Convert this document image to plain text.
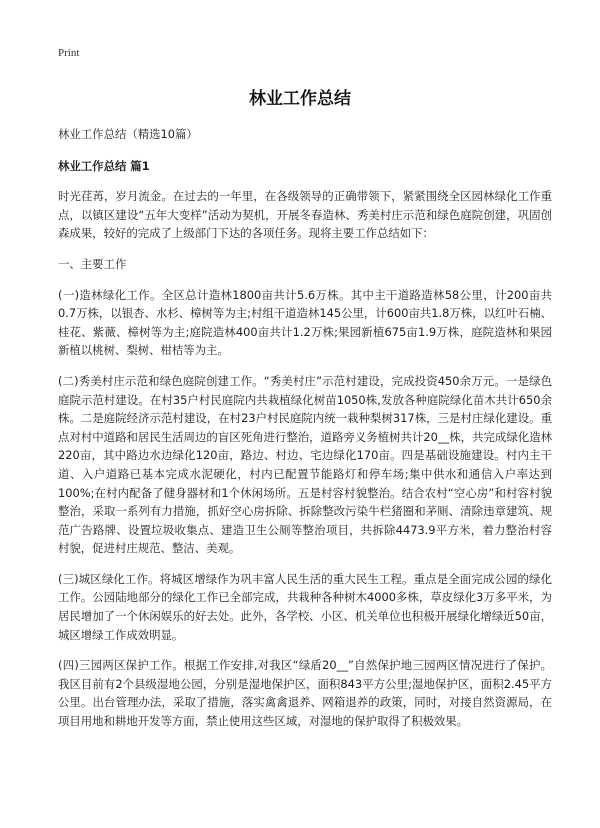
Print
林业工作总结

林业工作总结（精选10篇）

林业工作总结 篇1

时光荏苒，岁月流金。在过去的一年里，在各级领导的正确带领下，紧紧围绕全区园林绿化工作重点，以镇区建设“五年大变样”活动为契机，开展冬春造林、秀美村庄示范和绿色庭院创建，巩固创森成果，较好的完成了上级部门下达的各项任务。现将主要工作总结如下：

一、主要工作

(一)造林绿化工作。全区总计造林1800亩共计5.6万株。其中主干道路造林58公里，计200亩共0.7万株，以银杏、水杉、樟树等为主;村组干道造林145公里，计600亩共1.8万株，以红叶石楠、桂花、紫薇、樟树等为主;庭院造林400亩共计1.2万株;果园新植675亩1.9万株，庭院造林和果园新植以桃树、梨树、柑桔等为主。

(二)秀美村庄示范和绿色庭院创建工作。“秀美村庄”示范村建设，完成投资450余万元。一是绿色庭院示范村建设。在村35户村民庭院内共栽植绿化树苗1050株,发放各种庭院绿化苗木共计650余株。二是庭院经济示范村建设，在村23户村民庭院内统一栽种梨树317株，三是村庄绿化建设。重点对村中道路和居民生活周边的盲区死角进行整治，道路旁义务植树共计20__株，共完成绿化造林220亩，其中路边水边绿化120亩，路边、村边、宅边绿化170亩。四是基础设施建设。村内主干道、入户道路已基本完成水泥硬化，村内已配置节能路灯和停车场;集中供水和通信入户率达到100%;在村内配备了健身器材和1个休闲场所。五是村容村貌整治。结合农村“空心房”和村容村貌整治，采取一系列有力措施，抓好空心房拆除、拆除整改污染牛栏猪圈和茅厕、清除违章建筑、规范广告路牌、设置垃圾收集点、建造卫生公厕等整治项目，共拆除4473.9平方米，着力整治村容村貌，促进村庄规范、整洁、美观。

(三)城区绿化工作。将城区增绿作为巩丰富人民生活的重大民生工程。重点是全面完成公园的绿化工作。公园陆地部分的绿化工作已全部完成，共栽种各种树木4000多株，草皮绿化3万多平米，为居民增加了一个休闲娱乐的好去处。此外，各学校、小区、机关单位也积极开展绿化增绿近50亩，城区增绿工作成效明显。

(四)三园两区保护工作。根据工作安排,对我区“绿盾20__”自然保护地三园两区情况进行了保护。我区目前有2个县级湿地公园，分别是湿地保护区，面积843平方公里;湿地保护区，面积2.45平方公里。出台管理办法，采取了措施，落实禽禽退养、网箱退养的政策，同时，对接自然资源局，在项目用地和耕地开发等方面，禁止使用这些区域，对湿地的保护取得了积极效果。
